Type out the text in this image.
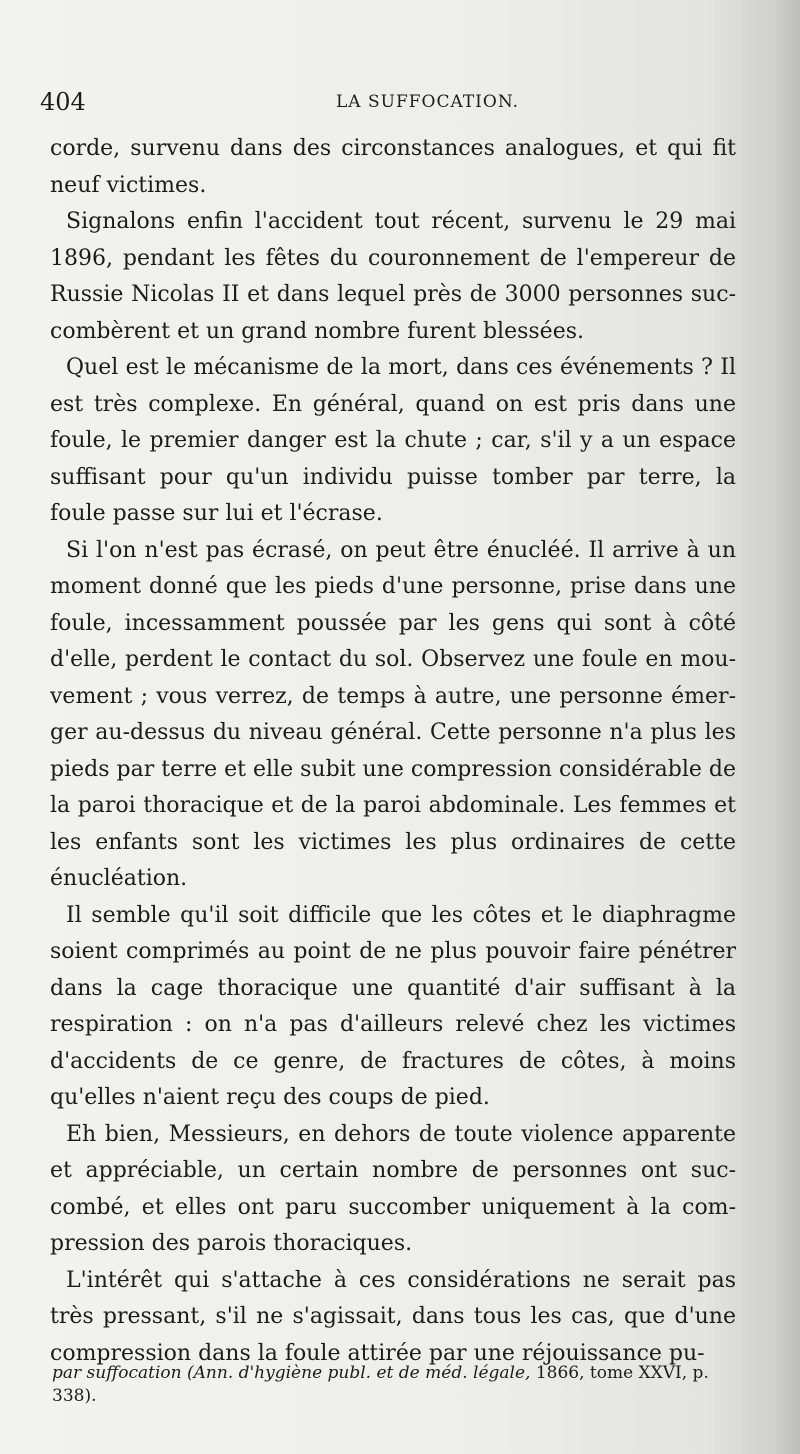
404	LA SUFFOCATION.

corde, survenu dans des circonstances analogues, et qui fit neuf victimes.

Signalons enfin l'accident tout récent, survenu le 29 mai 1896, pendant les fêtes du couronnement de l'empereur de Russie Nicolas II et dans lequel près de 3000 personnes succombèrent et un grand nombre furent blessées.

Quel est le mécanisme de la mort, dans ces événements ? Il est très complexe. En général, quand on est pris dans une foule, le premier danger est la chute ; car, s'il y a un espace suffisant pour qu'un individu puisse tomber par terre, la foule passe sur lui et l'écrase.

Si l'on n'est pas écrasé, on peut être énucléé. Il arrive à un moment donné que les pieds d'une personne, prise dans une foule, incessamment poussée par les gens qui sont à côté d'elle, perdent le contact du sol. Observez une foule en mouvement ; vous verrez, de temps à autre, une personne émerger au-dessus du niveau général. Cette personne n'a plus les pieds par terre et elle subit une compression considérable de la paroi thoracique et de la paroi abdominale. Les femmes et les enfants sont les victimes les plus ordinaires de cette énucléation.

Il semble qu'il soit difficile que les côtes et le diaphragme soient comprimés au point de ne plus pouvoir faire pénétrer dans la cage thoracique une quantité d'air suffisant à la respiration : on n'a pas d'ailleurs relevé chez les victimes d'accidents de ce genre, de fractures de côtes, à moins qu'elles n'aient reçu des coups de pied.

Eh bien, Messieurs, en dehors de toute violence apparente et appréciable, un certain nombre de personnes ont succombé, et elles ont paru succomber uniquement à la compression des parois thoraciques.

L'intérêt qui s'attache à ces considérations ne serait pas très pressant, s'il ne s'agissait, dans tous les cas, que d'une compression dans la foule attirée par une réjouissance pu-

par suffocation (Ann. d'hygiène publ. et de méd. légale, 1866, tome XXVI, p. 338).
